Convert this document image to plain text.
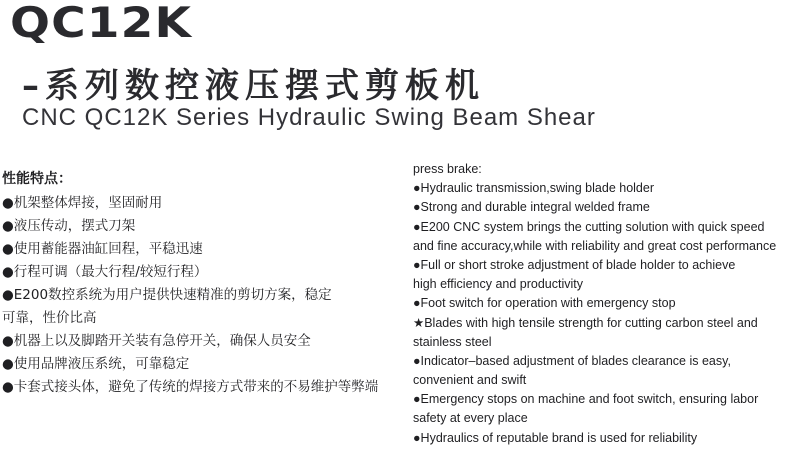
QC12K
–系列数控液压摆式剪板机
CNC QC12K Series Hydraulic Swing Beam Shear
性能特点：
●机架整体焊接，坚固耐用
●液压传动，摆式刀架
●使用蓄能器油缸回程，平稳迅速
●行程可调（最大行程/较短行程）
●E200数控系统为用户提供快速精准的剪切方案，稳定
可靠，性价比高
●机器上以及脚踏开关装有急停开关，确保人员安全
●使用品牌液压系统，可靠稳定
●卡套式接头体，避免了传统的焊接方式带来的不易维护等弊端
press brake:
●Hydraulic transmission,swing blade holder
●Strong and durable integral welded frame
●E200 CNC system brings the cutting solution with quick speed
and fine accuracy,while with reliability and great cost performance
●Full or short stroke adjustment of blade holder to achieve
high efficiency and productivity
●Foot switch for operation with emergency stop
★Blades with high tensile strength for cutting carbon steel and
stainless steel
●Indicator–based adjustment of blades clearance is easy,
convenient and swift
●Emergency stops on machine and foot switch, ensuring labor
safety at every place
●Hydraulics of reputable brand is used for reliability
